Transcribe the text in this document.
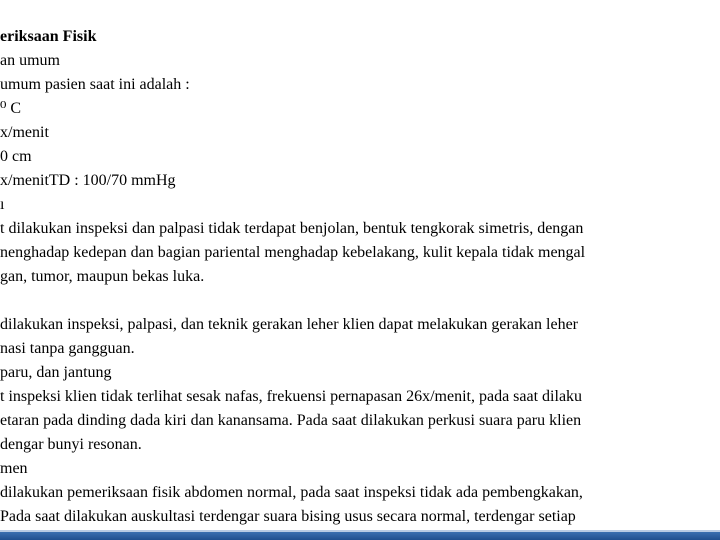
eriksaan Fisik
an umum
umum pasien saat ini adalah :
⁰ C
x/menit
0 cm
x/menitTD : 100/70 mmHg
ı
t dilakukan inspeksi dan palpasi tidak terdapat benjolan, bentuk tengkorak simetris, dengan
nenghadap kedepan dan bagian pariental menghadap kebelakang, kulit kepala tidak mengal
gan, tumor, maupun bekas luka.
dilakukan inspeksi, palpasi, dan teknik gerakan leher klien dapat melakukan gerakan leher
nasi tanpa gangguan.
paru, dan jantung
t inspeksi klien tidak terlihat sesak nafas, frekuensi pernapasan 26x/menit, pada saat dilaku
etaran pada dinding dada kiri dan kanansama. Pada saat dilakukan perkusi suara paru klien
dengar bunyi resonan.
men
dilakukan pemeriksaan fisik abdomen normal, pada saat inspeksi tidak ada pembengkakan,
Pada saat dilakukan auskultasi terdengar suara bising usus secara normal, terdengar setiap
